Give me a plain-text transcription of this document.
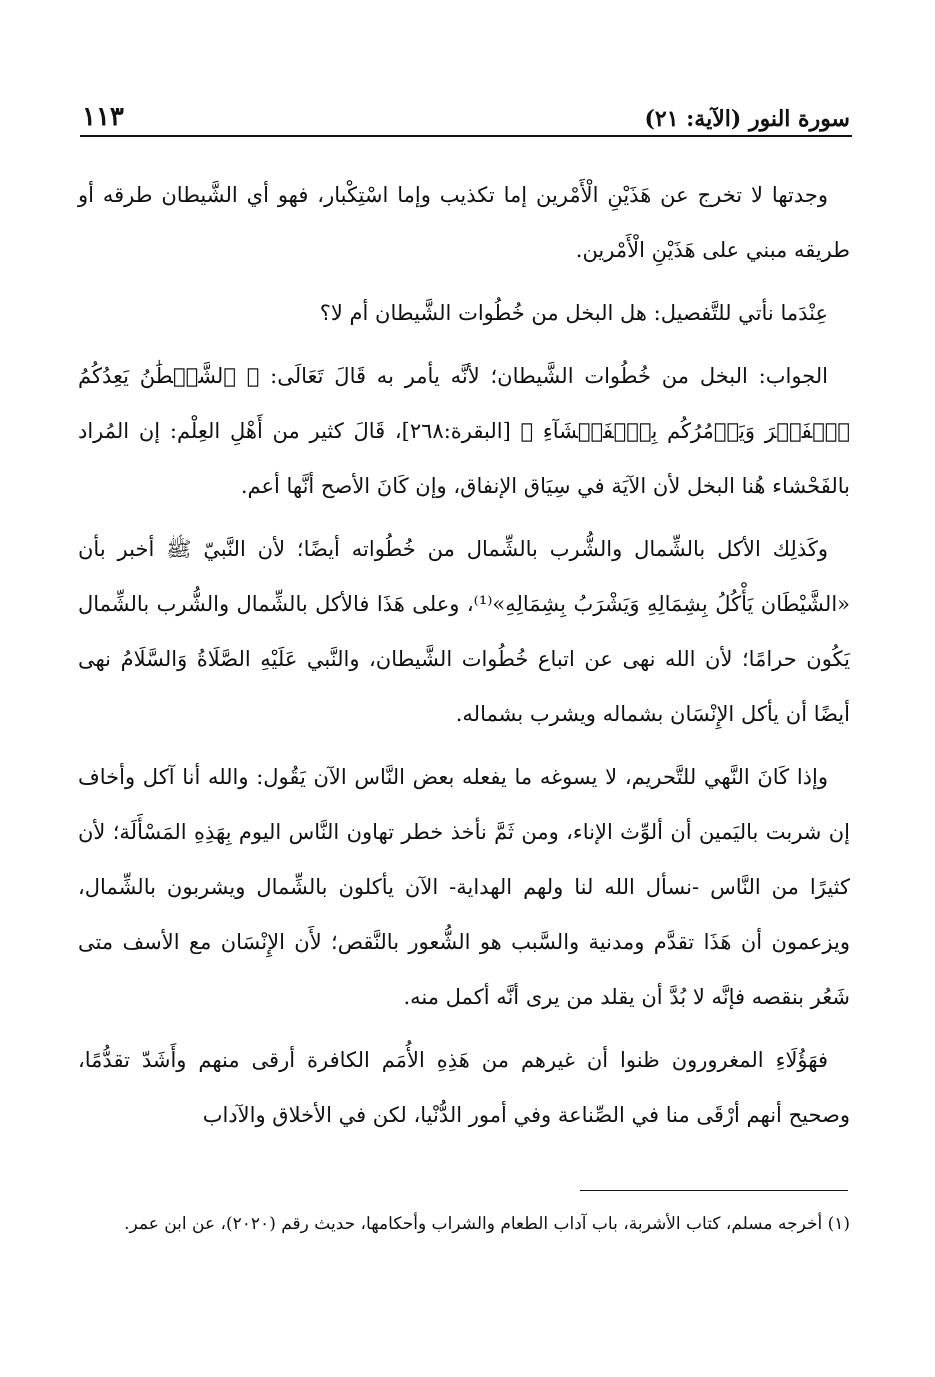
سورة النور (الآية: ٢١)
١١٣

وجدتها لا تخرج عن هَذَيْنِ الْأَمْرين إما تكذيب وإما اسْتِكْبار، فهو أي الشَّيطان طرقه أو طريقه مبني على هَذَيْنِ الْأَمْرين.

عِنْدَما نأتي للتَّفصيل: هل البخل من خُطُوات الشَّيطان أم لا؟

الجواب: البخل من خُطُوات الشَّيطان؛ لأنَّه يأمر به قَالَ تَعَالَى: ﴿ ٱلشَّيۡطَٰنُ يَعِدُكُمُ ٱلۡفَقۡرَ وَيَأۡمُرُكُم بِٱلۡفَحۡشَآءِ ﴾ [البقرة:٢٦٨]، قَالَ كثير من أَهْلِ العِلْم: إن المُراد بالفَحْشاء هُنا البخل لأن الآيَة في سِيَاق الإنفاق، وإن كَانَ الأصح أنَّها أعم.

وكَذلِك الأكل بالشِّمال والشُّرب بالشِّمال من خُطُواته أيضًا؛ لأن النَّبيّ ﷺ أخبر بأن «الشَّيْطَان يَأْكُلُ بِشِمَالِهِ وَيَشْرَبُ بِشِمَالِهِ»⁽¹⁾، وعلى هَذَا فالأكل بالشِّمال والشُّرب بالشِّمال يَكُون حرامًا؛ لأن الله نهى عن اتباع خُطُوات الشَّيطان، والنَّبي عَلَيْهِ الصَّلَاةُ وَالسَّلَامُ نهى أيضًا أن يأكل الإِنْسَان بشماله ويشرب بشماله.

وإذا كَانَ النَّهي للتَّحريم، لا يسوغه ما يفعله بعض النَّاس الآن يَقُول: والله أنا آكل وأخاف إن شربت باليَمين أن ألوِّث الإناء، ومن ثَمَّ نأخذ خطر تهاون النَّاس اليوم بِهَذِهِ المَسْأَلَة؛ لأن كثيرًا من النَّاس -نسأل الله لنا ولهم الهداية- الآن يأكلون بالشِّمال ويشربون بالشِّمال، ويزعمون أن هَذَا تقدَّم ومدنية والسَّبب هو الشُّعور بالنَّقص؛ لأَن الإِنْسَان مع الأسف متى شَعُر بنقصه فإنَّه لا بُدَّ أن يقلد من يرى أنَّه أكمل منه.

فهَؤُلَاءِ المغرورون ظنوا أن غيرهم من هَذِهِ الأُمَم الكافرة أرقى منهم وأَشَدّ تقدُّمًا، وصحيح أنهم أرْقَى منا في الصِّناعة وفي أمور الدُّنْيا، لكن في الأخلاق والآداب

(١) أخرجه مسلم، كتاب الأشربة، باب آداب الطعام والشراب وأحكامها، حديث رقم (٢٠٢٠)، عن ابن عمر.
